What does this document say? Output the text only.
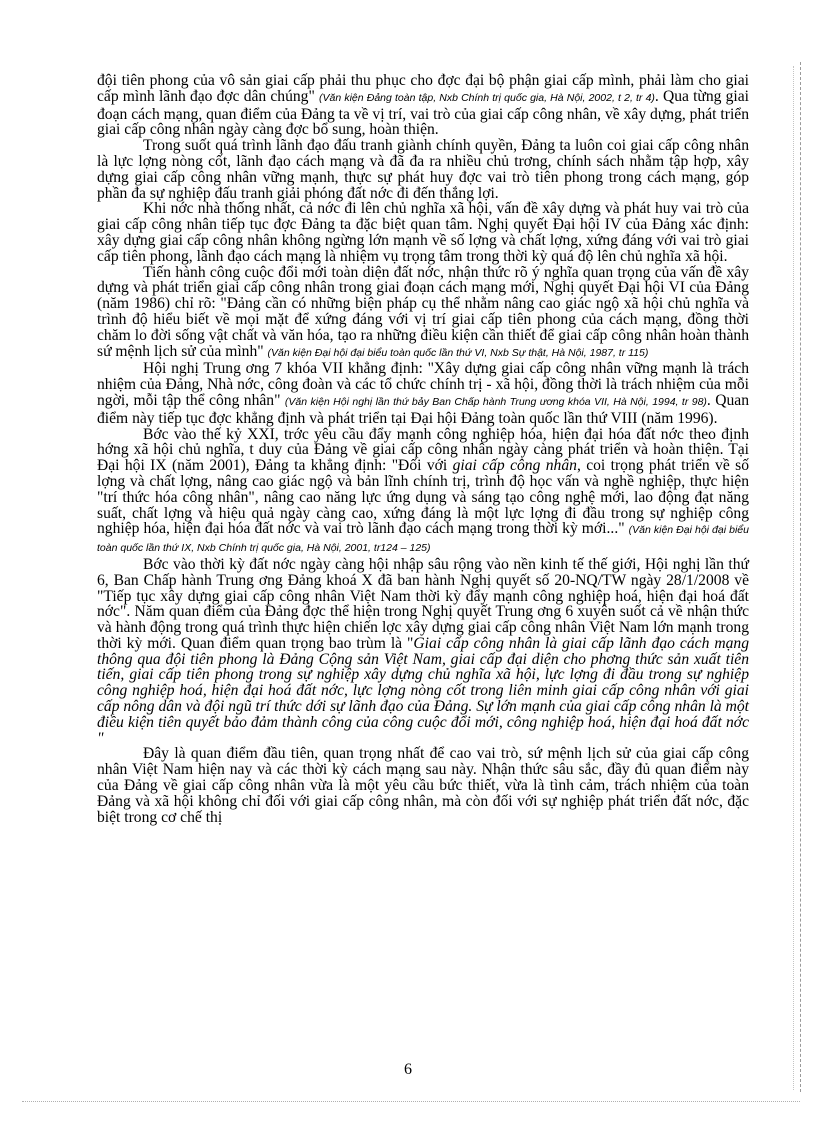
đội tiên phong của vô sản giai cấp phải thu phục cho đợc đại bộ phận giai cấp mình, phải làm cho giai cấp mình lãnh đạo đợc dân chúng" (Văn kiện Đảng toàn tập, Nxb Chính trị quốc gia, Hà Nội, 2002, t 2, tr 4). Qua từng giai đoạn cách mạng, quan điểm của Đảng ta về vị trí, vai trò của giai cấp công nhân, về xây dựng, phát triển giai cấp công nhân ngày càng đợc bổ sung, hoàn thiện.

Trong suốt quá trình lãnh đạo đấu tranh giành chính quyền, Đảng ta luôn coi giai cấp công nhân là lực lợng nòng cốt, lãnh đạo cách mạng và đã đa ra nhiều chủ trơng, chính sách nhằm tập hợp, xây dựng giai cấp công nhân vững mạnh, thực sự phát huy đợc vai trò tiên phong trong cách mạng, góp phần đa sự nghiệp đấu tranh giải phóng đất nớc đi đến thắng lợi.

Khi nớc nhà thống nhất, cả nớc đi lên chủ nghĩa xã hội, vấn đề xây dựng và phát huy vai trò của giai cấp công nhân tiếp tục đợc Đảng ta đặc biệt quan tâm. Nghị quyết Đại hội IV của Đảng xác định: xây dựng giai cấp công nhân không ngừng lớn mạnh về số lợng và chất lợng, xứng đáng với vai trò giai cấp tiên phong, lãnh đạo cách mạng là nhiệm vụ trọng tâm trong thời kỳ quá độ lên chủ nghĩa xã hội.

Tiến hành công cuộc đổi mới toàn diện đất nớc, nhận thức rõ ý nghĩa quan trọng của vấn đề xây dựng và phát triển giai cấp công nhân trong giai đoạn cách mạng mới, Nghị quyết Đại hội VI của Đảng (năm 1986) chỉ rõ: "Đảng cần có những biện pháp cụ thể nhằm nâng cao giác ngộ xã hội chủ nghĩa và trình độ hiểu biết về mọi mặt để xứng đáng với vị trí giai cấp tiên phong của cách mạng, đồng thời chăm lo đời sống vật chất và văn hóa, tạo ra những điều kiện cần thiết để giai cấp công nhân hoàn thành sứ mệnh lịch sử của mình" (Văn kiện Đại hội đại biểu toàn quốc lần thứ VI, Nxb Sự thật, Hà Nội, 1987, tr 115)

Hội nghị Trung ơng 7 khóa VII khẳng định: "Xây dựng giai cấp công nhân vững mạnh là trách nhiệm của Đảng, Nhà nớc, công đoàn và các tổ chức chính trị - xã hội, đồng thời là trách nhiệm của mỗi ngời, mỗi tập thể công nhân" (Văn kiện Hội nghị lần thứ bảy Ban Chấp hành Trung ương khóa VII, Hà Nội, 1994, tr 98). Quan điểm này tiếp tục đợc khẳng định và phát triển tại Đại hội Đảng toàn quốc lần thứ VIII (năm 1996).

Bớc vào thế kỷ XXI, trớc yêu cầu đẩy mạnh công nghiệp hóa, hiện đại hóa đất nớc theo định hớng xã hội chủ nghĩa, t duy của Đảng về giai cấp công nhân ngày càng phát triển và hoàn thiện. Tại Đại hội IX (năm 2001), Đảng ta khẳng định: "Đối với giai cấp công nhân, coi trọng phát triển về số lợng và chất lợng, nâng cao giác ngộ và bản lĩnh chính trị, trình độ học vấn và nghề nghiệp, thực hiện "trí thức hóa công nhân", nâng cao năng lực ứng dụng và sáng tạo công nghệ mới, lao động đạt năng suất, chất lợng và hiệu quả ngày càng cao, xứng đáng là một lực lợng đi đầu trong sự nghiệp công nghiệp hóa, hiện đại hóa đất nớc và vai trò lãnh đạo cách mạng trong thời kỳ mới..." (Văn kiện Đại hội đại biểu toàn quốc lần thứ IX, Nxb Chính trị quốc gia, Hà Nội, 2001, tr124 – 125)

Bớc vào thời kỳ đất nớc ngày càng hội nhập sâu rộng vào nền kinh tế thế giới, Hội nghị lần thứ 6, Ban Chấp hành Trung ơng Đảng khoá X đã ban hành Nghị quyết số 20-NQ/TW ngày 28/1/2008 về "Tiếp tục xây dựng giai cấp công nhân Việt Nam thời kỳ đẩy mạnh công nghiệp hoá, hiện đại hoá đất nớc". Năm quan điểm của Đảng đợc thể hiện trong Nghị quyết Trung ơng 6 xuyên suốt cả về nhận thức và hành động trong quá trình thực hiện chiến lợc xây dựng giai cấp công nhân Việt Nam lớn mạnh trong thời kỳ mới. Quan điểm quan trọng bao trùm là "Giai cấp công nhân là giai cấp lãnh đạo cách mạng thông qua đội tiên phong là Đảng Cộng sản Việt Nam, giai cấp đại diện cho phơng thức sản xuất tiên tiến, giai cấp tiên phong trong sự nghiệp xây dựng chủ nghĩa xã hội, lực lợng đi đầu trong sự nghiệp công nghiệp hoá, hiện đại hoá đất nớc, lực lợng nòng cốt trong liên minh giai cấp công nhân với giai cấp nông dân và đội ngũ trí thức dới sự lãnh đạo của Đảng. Sự lớn mạnh của giai cấp công nhân là một điều kiện tiên quyết bảo đảm thành công của công cuộc đổi mới, công nghiệp hoá, hiện đại hoá đất nớc "

Đây là quan điểm đầu tiên, quan trọng nhất để cao vai trò, sứ mệnh lịch sử của giai cấp công nhân Việt Nam hiện nay và các thời kỳ cách mạng sau này. Nhận thức sâu sắc, đầy đủ quan điểm này của Đảng về giai cấp công nhân vừa là một yêu cầu bức thiết, vừa là tình cảm, trách nhiệm của toàn Đảng và xã hội không chỉ đối với giai cấp công nhân, mà còn đối với sự nghiệp phát triển đất nớc, đặc biệt trong cơ chế thị

6
